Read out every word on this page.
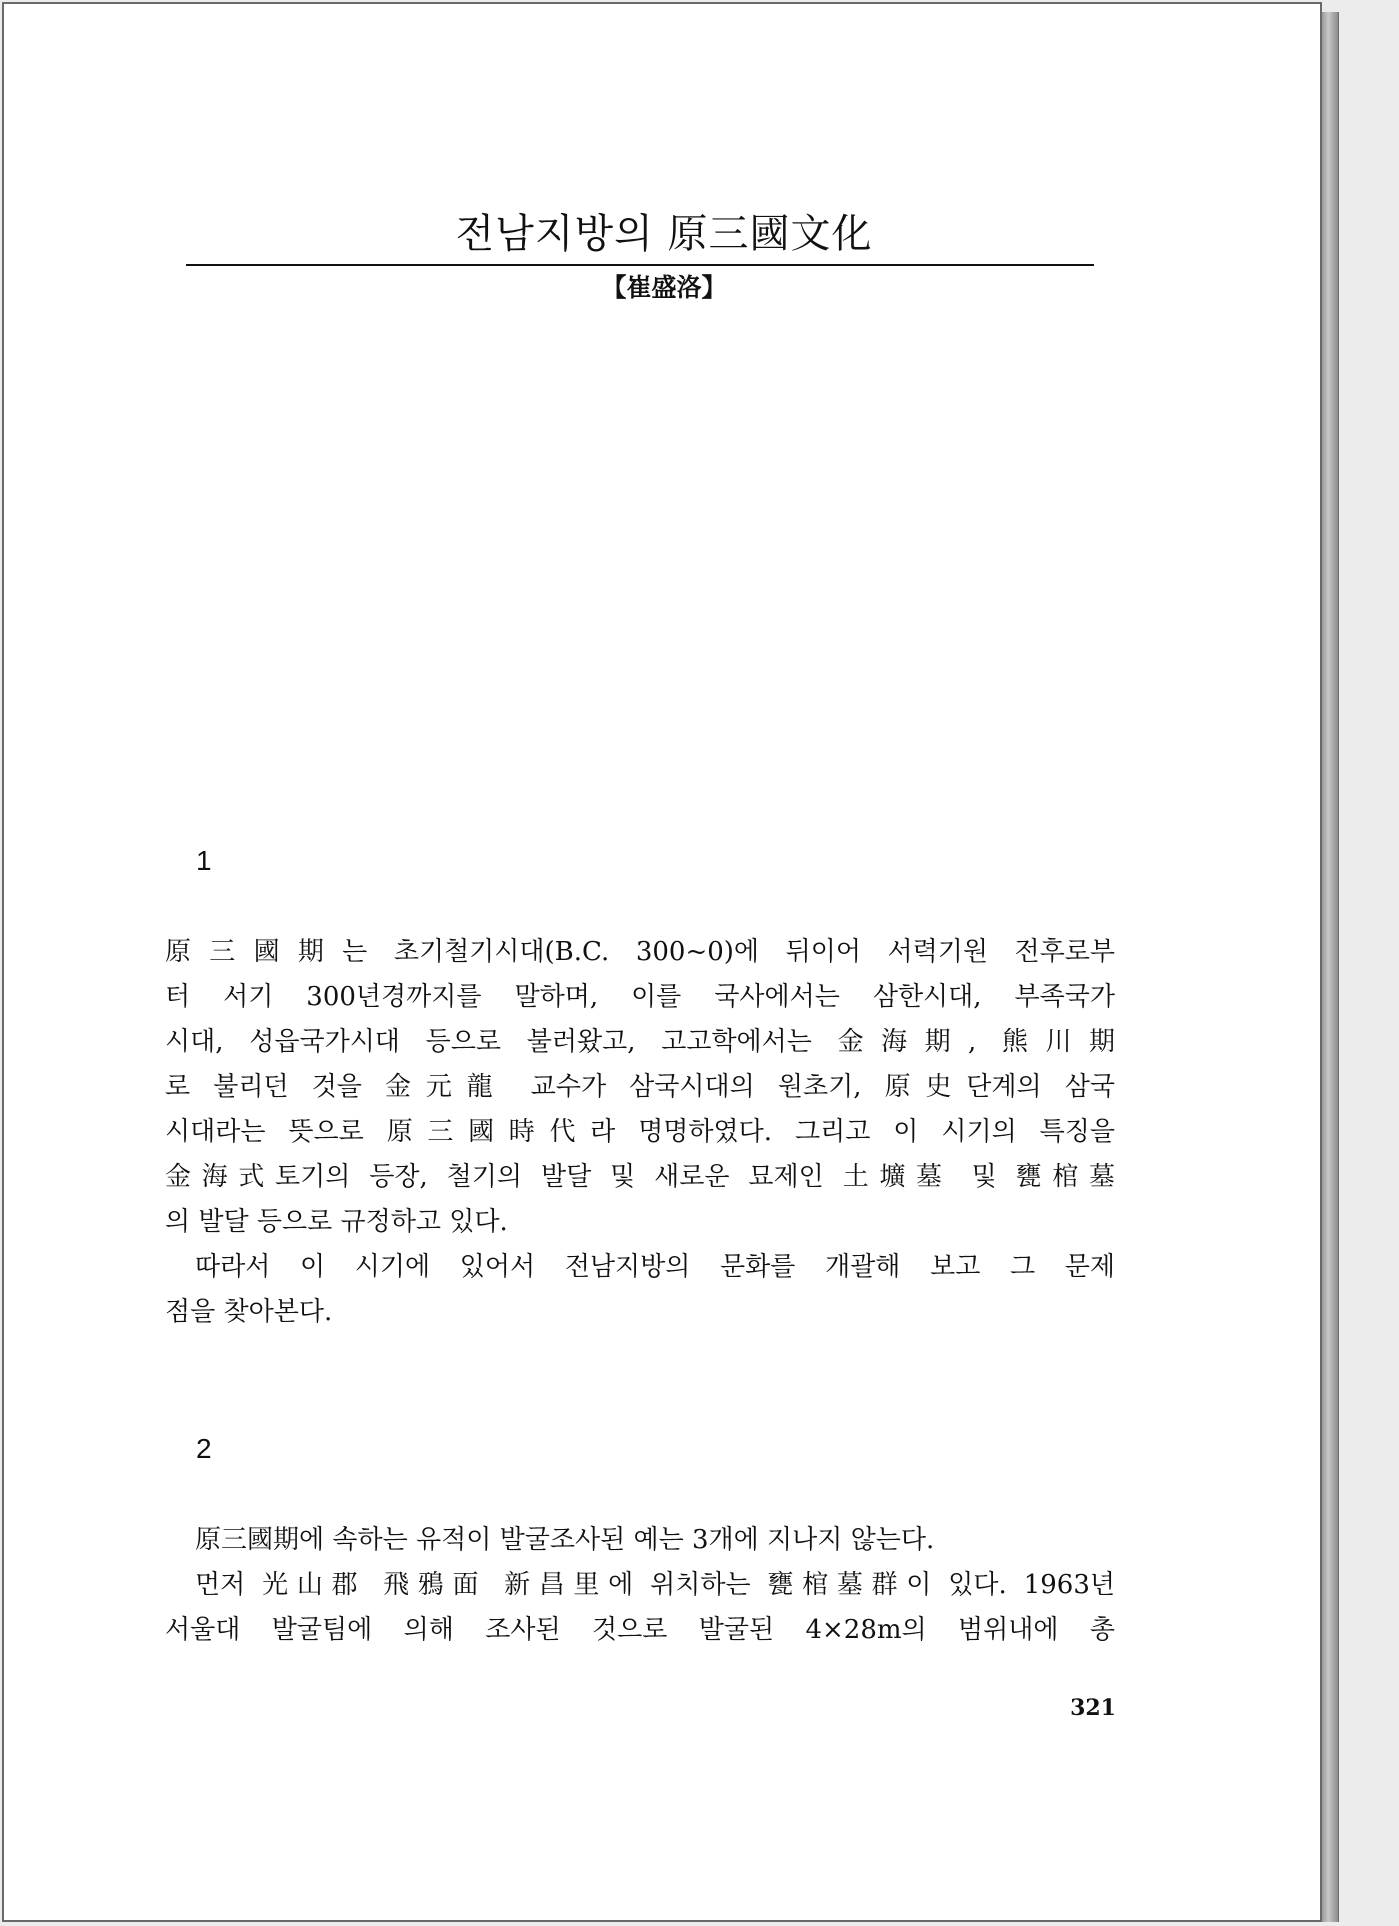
전남지방의 原三國文化

【崔盛洛】

1

原三國期는 초기철기시대(B.C. 300~0)에 뒤이어 서력기원 전후로부
터 서기 300년경까지를 말하며, 이를 국사에서는 삼한시대, 부족국가
시대, 성읍국가시대 등으로 불러왔고, 고고학에서는 金海期, 熊川期
로 불리던 것을 金元龍 교수가 삼국시대의 원초기, 原史단계의 삼국
시대라는 뜻으로 原三國時代라 명명하였다. 그리고 이 시기의 특징을
金海式토기의 등장, 철기의 발달 및 새로운 묘제인 土壙墓 및 甕棺墓
의 발달 등으로 규정하고 있다.
따라서 이 시기에 있어서 전남지방의 문화를 개괄해 보고 그 문제
점을 찾아본다.

2

原三國期에 속하는 유적이 발굴조사된 예는 3개에 지나지 않는다.
먼저 光山郡 飛鴉面 新昌里에 위치하는 甕棺墓群이 있다. 1963년
서울대 발굴팀에 의해 조사된 것으로 발굴된 4×28m의 범위내에 총

321
